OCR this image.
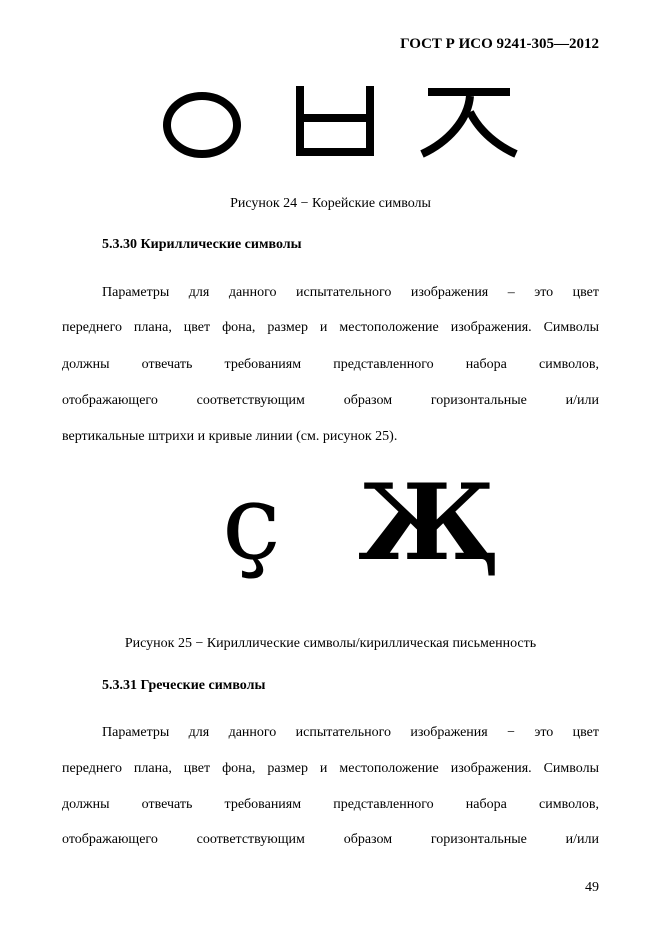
ГОСТ Р ИСО 9241-305—2012
Рисунок 24 − Корейские символы
5.3.30 Кириллические символы
Параметры для данного испытательного изображения – это цвет
переднего плана, цвет фона, размер и местоположение изображения. Символы
должны отвечать требованиям представленного набора символов,
отображающего соответствующим образом горизонтальные и/или
вертикальные штрихи и кривые линии (см. рисунок 25).
ҫ Җ
Рисунок 25 − Кириллические символы/кириллическая письменность
5.3.31 Греческие символы
Параметры для данного испытательного изображения − это цвет
переднего плана, цвет фона, размер и местоположение изображения. Символы
должны отвечать требованиям представленного набора символов,
отображающего соответствующим образом горизонтальные и/или
49
